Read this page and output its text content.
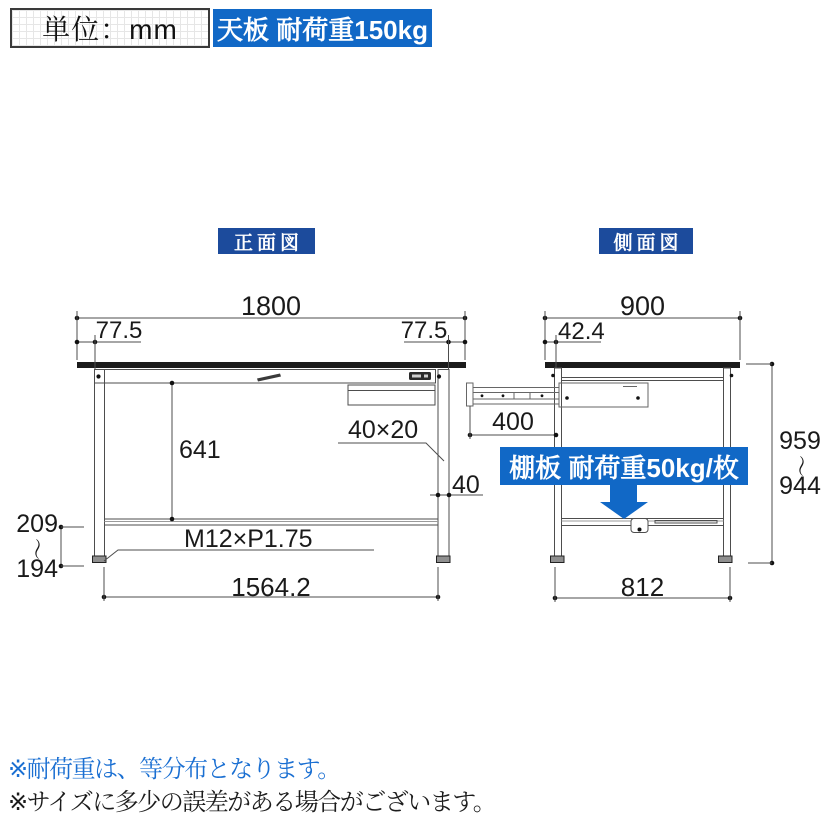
単位：mm 天板 耐荷重150kg
正面図	側面図
1800
77.5	77.5
641
40×20
40
209
〜
194
M12×P1.75
1564.2
900
42.4
400
959
〜
944
812
棚板 耐荷重50kg/枚
※耐荷重は、等分布となります。
※サイズに多少の誤差がある場合がございます。
